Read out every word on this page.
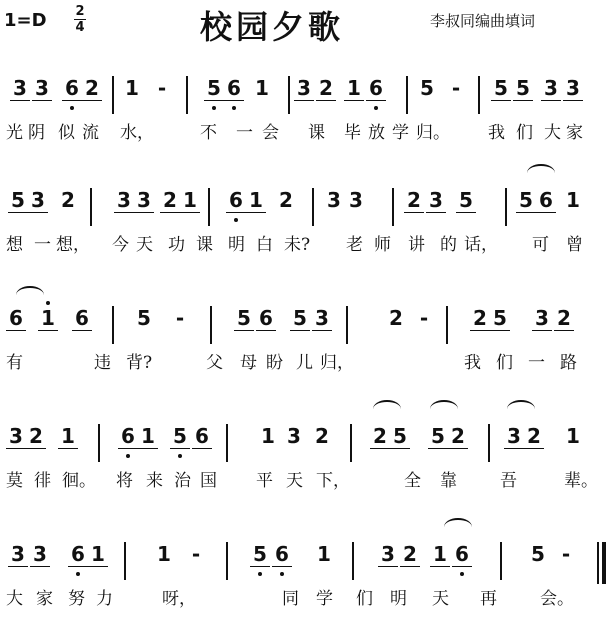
1=D 2
4	校园夕歌	李叔同编曲填词
3 3 6 2 1 - 5 6 1 3 2 1 6 5 - 5 5 3 3
光 阴 似 流 水，	不 一 会 课 毕 放 学 归。 我 们 大 家
5 3 2 3 3 2 1 6 1 2 3 3 2 3 5 5 6 1
想 一 想， 今 天 功 课 明 白 未? 老 师 讲 的 话， 可 曾
6 1 6 5 -	5 6 5 3	2 - 2 5 3 2
有	违 背?	父 母 盼 儿 归，	我 们 一 路
3 2 1 6 1 5 6	1 3 2 2 5 5 2 3 2 1
莫 徘 徊。 将 来 治 国 平 天 下，	全 靠	吾	辈。
3 3 6 1	1 -	5 6 1	3 2 1 6	5 -
大 家 努 力	呀，	同 学 们 明 天 再	会。
